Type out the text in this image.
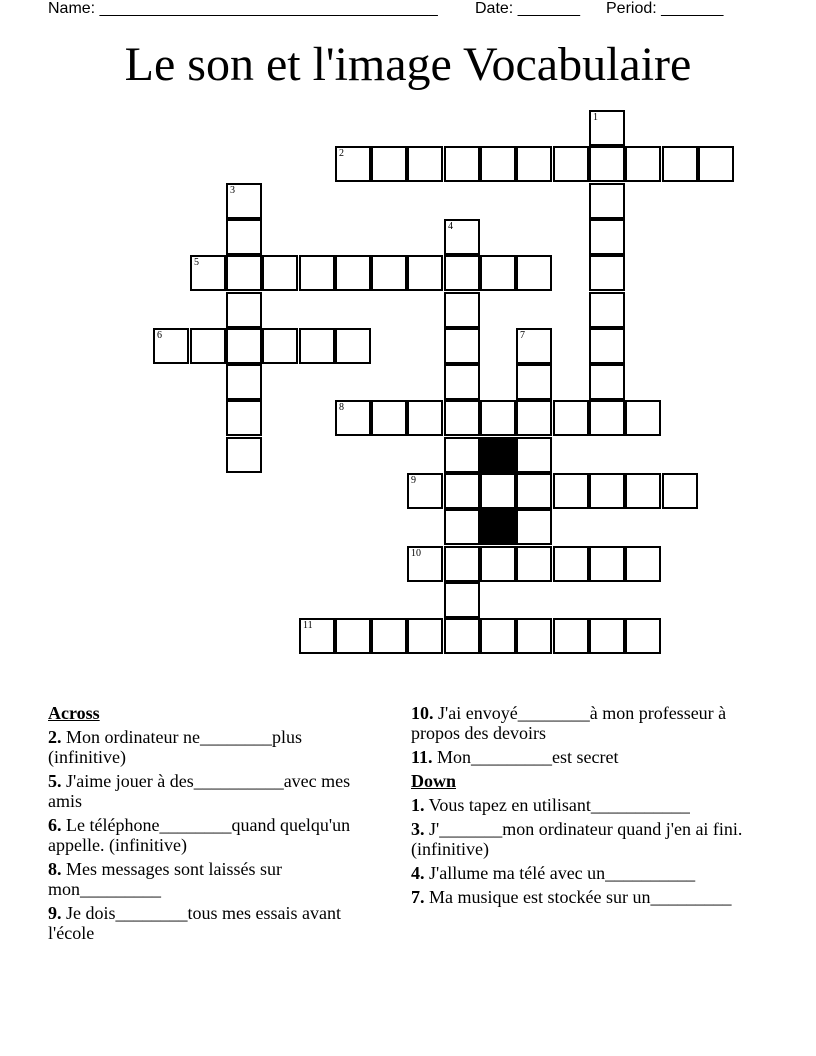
Name: ______________________________________

Date: _______

Period: _______

Le son et l'image Vocabulaire
1
2
3
4
5
6	7
8
9
10
11
Across
2. Mon ordinateur ne________plus (infinitive)
5. J'aime jouer à des__________avec mes amis
6. Le téléphone________quand quelqu'un appelle. (infinitive)
8. Mes messages sont laissés sur mon_________
9. Je dois________tous mes essais avant l'école
10. J'ai envoyé________à mon professeur à propos des devoirs
11. Mon_________est secret
Down
1. Vous tapez en utilisant___________
3. J'_______mon ordinateur quand j'en ai fini. (infinitive)
4. J'allume ma télé avec un__________
7. Ma musique est stockée sur un_________
